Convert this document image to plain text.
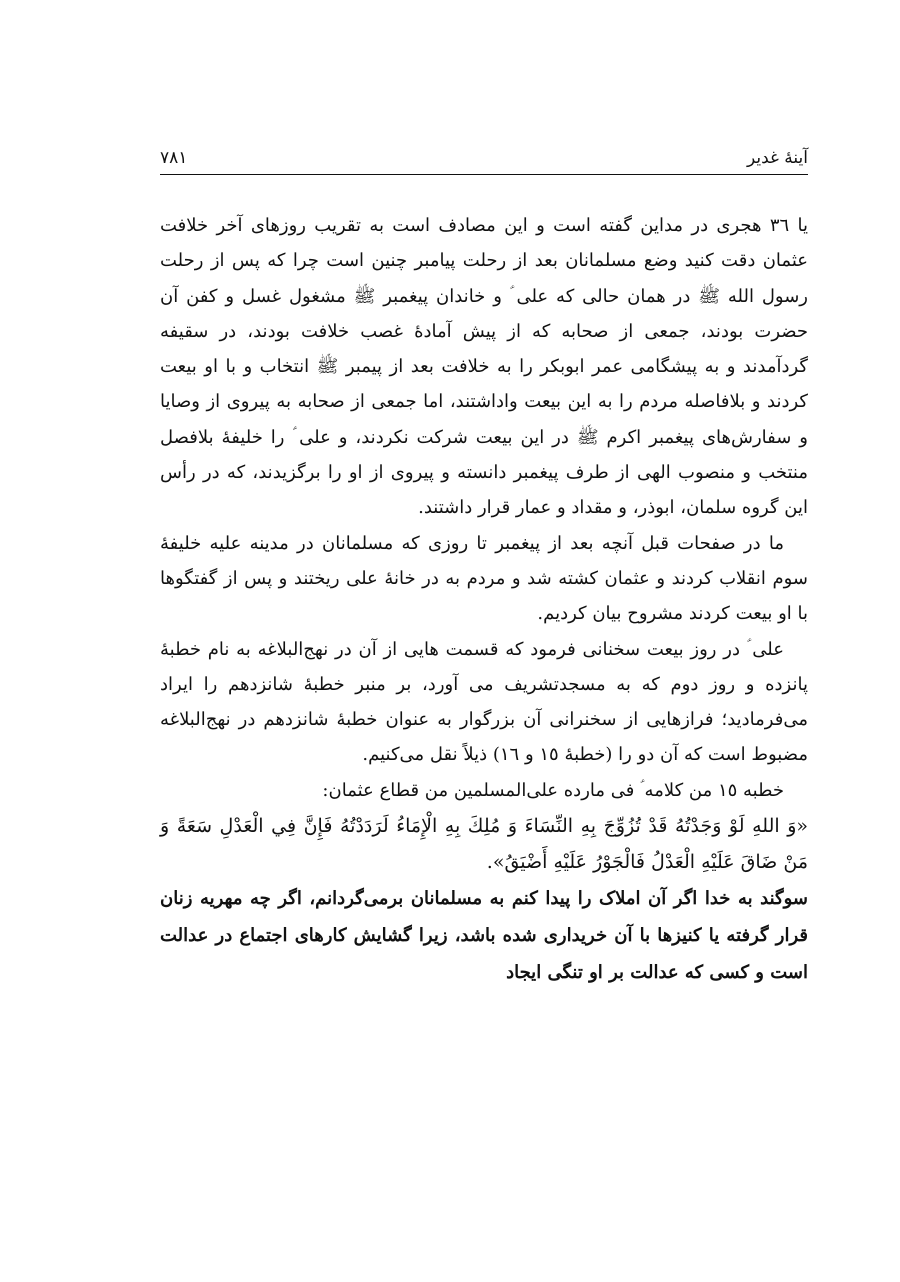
آینهٔ غدیر
۷۸۱

یا ٣٦ هجری در مداین گفته است و این مصادف است به تقریب روزهای آخر خلافت عثمان دقت کنید وضع مسلمانان بعد از رحلت پیامبر چنین است چرا که پس از رحلت رسول الله ﷺ در همان حالی که علی ؑ و خاندان پیغمبر ﷺ مشغول غسل و کفن آن حضرت بودند، جمعی از صحابه که از پیش آمادهٔ غصب خلافت بودند، در سقیفه گردآمدند و به پیشگامی عمر ابوبکر را به خلافت بعد از پیمبر ﷺ انتخاب و با او بیعت کردند و بلافاصله مردم را به این بیعت واداشتند، اما جمعی از صحابه به پیروی از وصایا و سفارش‌های پیغمبر اکرم ﷺ در این بیعت شرکت نکردند، و علی ؑ را خلیفهٔ بلافصل منتخب و منصوب الهی از طرف پیغمبر دانسته و پیروی از او را برگزیدند، که در رأس این گروه سلمان، ابوذر، و مقداد و عمار قرار داشتند.

ما در صفحات قبل آنچه بعد از پیغمبر تا روزی که مسلمانان در مدینه علیه خلیفهٔ سوم انقلاب کردند و عثمان کشته شد و مردم به در خانهٔ علی ریختند و پس از گفتگوها با او بیعت کردند مشروح بیان کردیم.

علی ؑ در روز بیعت سخنانی فرمود که قسمت هایی از آن در نهج‌البلاغه به نام خطبهٔ پانزده و روز دوم که به مسجدتشریف می آورد، بر منبر خطبهٔ شانزدهم را ایراد می‌فرمادید؛ فرازهایی از سخنرانی آن بزرگوار به عنوان خطبهٔ شانزدهم در نهج‌البلاغه مضبوط است که آن دو را (خطبهٔ ١٥ و ١٦) ذیلاً نقل می‌کنیم.

خطبه ١٥ من کلامه ؑ فی مارده علی‌المسلمین من قطاع عثمان:

«وَ اللهِ لَوْ وَجَدْتُهُ قَدْ تُزُوِّجَ بِهِ النِّسَاءَ وَ مُلِكَ بِهِ الْإِمَاءُ لَرَدَدْتُهُ فَإِنَّ فِي الْعَدْلِ سَعَةً وَ مَنْ ضَاقَ عَلَيْهِ الْعَدْلُ فَالْجَوْرُ عَلَيْهِ أَضْيَقُ».

سوگند به خدا اگر آن املاک را پیدا کنم به مسلمانان برمی‌گردانم، اگر چه مهریه زنان قرار گرفته یا کنیزها با آن خریداری شده باشد، زیرا گشایش کارهای اجتماع در عدالت است و کسی که عدالت بر او تنگی ایجاد
